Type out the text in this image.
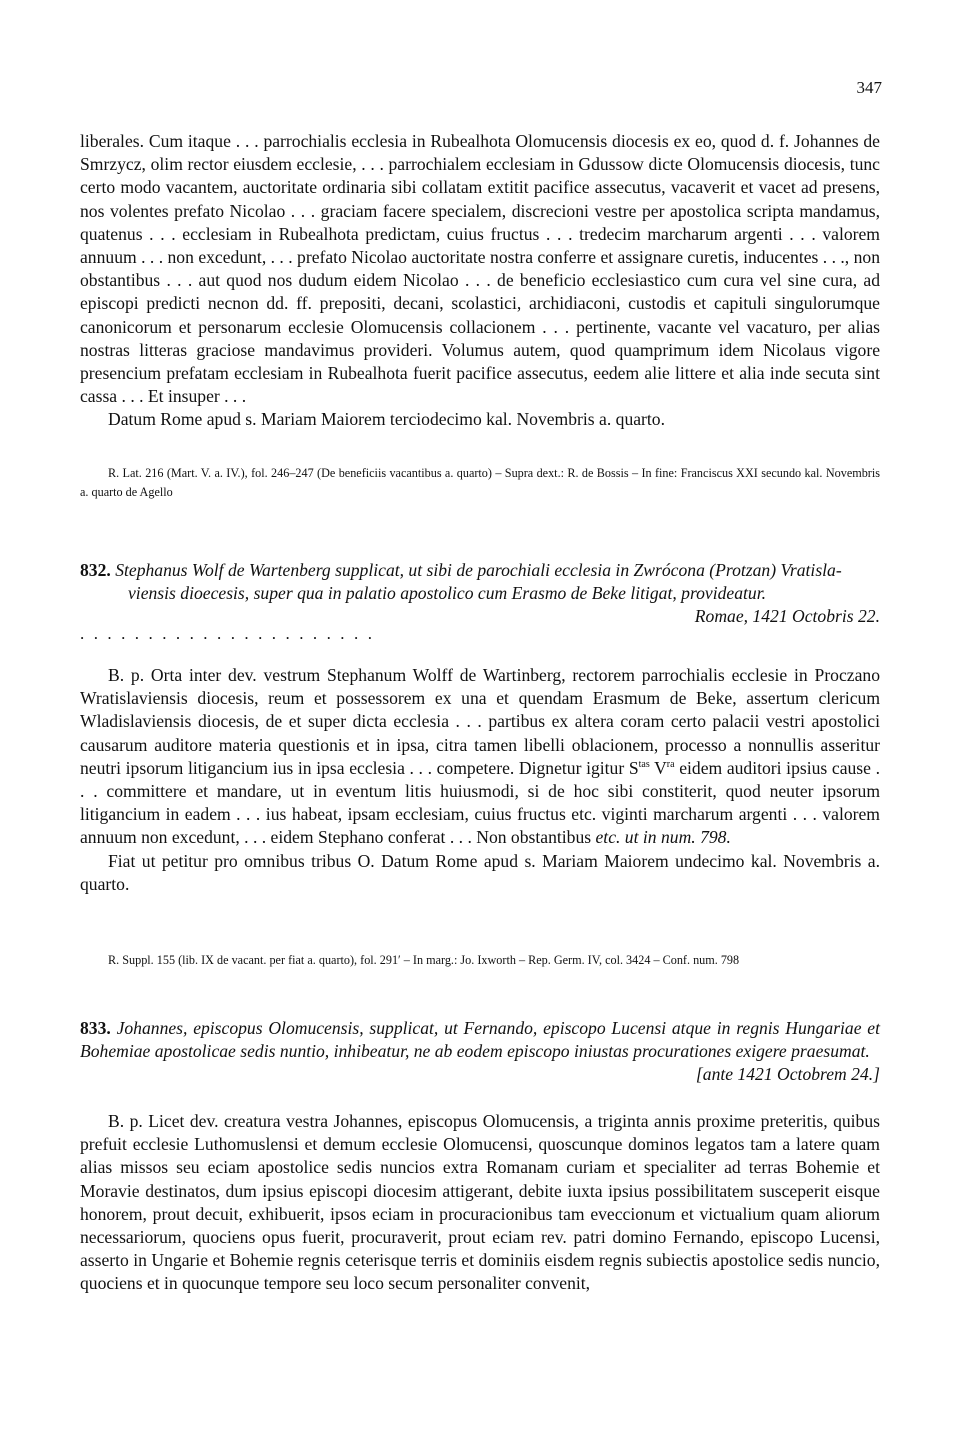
347

liberales. Cum itaque . . . parrochialis ecclesia in Rubealhota Olomucensis diocesis ex eo, quod d. f. Johannes de Smrzycz, olim rector eiusdem ecclesie, . . . parrochialem ecclesiam in Gdussow dicte Olomucensis diocesis, tunc certo modo vacantem, auctoritate ordinaria sibi collatam extitit pacifice assecutus, vacaverit et vacet ad presens, nos volentes prefato Nicolao . . . graciam facere specialem, discrecioni vestre per apostolica scripta mandamus, quatenus . . . ecclesiam in Rubealhota predictam, cuius fructus . . . tredecim marcharum argenti . . . valorem annuum . . . non excedunt, . . . prefato Nicolao auctoritate nostra conferre et assignare curetis, inducentes . . ., non obstantibus . . . aut quod nos dudum eidem Nicolao . . . de beneficio ecclesiastico cum cura vel sine cura, ad episcopi predicti necnon dd. ff. prepositi, decani, scolastici, archidiaconi, custodis et capituli singulorumque canonicorum et personarum ecclesie Olomucensis collacionem . . . pertinente, vacante vel vacaturo, per alias nostras litteras graciose mandavimus provideri. Volumus autem, quod quamprimum idem Nicolaus vigore presencium prefatam ecclesiam in Rubealhota fuerit pacifice assecutus, eedem alie littere et alia inde secuta sint cassa . . . Et insuper . . .

Datum Rome apud s. Mariam Maiorem terciodecimo kal. Novembris a. quarto.

R. Lat. 216 (Mart. V. a. IV.), fol. 246–247 (De beneficiis vacantibus a. quarto) – Supra dext.: R. de Bossis – In fine: Franciscus XXI secundo kal. Novembris a. quarto de Agello

832. Stephanus Wolf de Wartenberg supplicat, ut sibi de parochiali ecclesia in Zwrócona (Protzan) Vratisla-
viensis dioecesis, super qua in palatio apostolico cum Erasmo de Beke litigat, provideatur.
Romae, 1421 Octobris 22.
. . . . . . . . . . . . . . . . . . . . . .

B. p. Orta inter dev. vestrum Stephanum Wolff de Wartinberg, rectorem parrochialis ecclesie in Proczano Wratislaviensis diocesis, reum et possessorem ex una et quendam Erasmum de Beke, assertum clericum Wladislaviensis diocesis, de et super dicta ecclesia . . . partibus ex altera coram certo palacii vestri apostolici causarum auditore materia questionis et in ipsa, citra tamen libelli oblacionem, processo a nonnullis asseritur neutri ipsorum litigancium ius in ipsa ecclesia . . . competere. Dignetur igitur $S^{tas}$ $V^{ra}$ eidem auditori ipsius cause . . . committere et mandare, ut in eventum litis huiusmodi, si de hoc sibi constiterit, quod neuter ipsorum litigancium in eadem . . . ius habeat, ipsam ecclesiam, cuius fructus etc. viginti marcharum argenti . . . valorem annuum non excedunt, . . . eidem Stephano conferat . . . Non obstantibus etc. ut in num. 798.

Fiat ut petitur pro omnibus tribus O. Datum Rome apud s. Mariam Maiorem undecimo kal. Novembris a. quarto.

R. Suppl. 155 (lib. IX de vacant. per fiat a. quarto), fol. 291′ – In marg.: Jo. Ixworth – Rep. Germ. IV, col. 3424 – Conf. num. 798

833. Johannes, episcopus Olomucensis, supplicat, ut Fernando, episcopo Lucensi atque in regnis Hungariae et Bohemiae apostolicae sedis nuntio, inhibeatur, ne ab eodem episcopo iniustas procurationes exigere praesumat.
[ante 1421 Octobrem 24.]

B. p. Licet dev. creatura vestra Johannes, episcopus Olomucensis, a triginta annis proxime preteritis, quibus prefuit ecclesie Luthomuslensi et demum ecclesie Olomucensi, quoscunque dominos legatos tam a latere quam alias missos seu eciam apostolice sedis nuncios extra Romanam curiam et specialiter ad terras Bohemie et Moravie destinatos, dum ipsius episcopi diocesim attigerant, debite iuxta ipsius possibilitatem susceperit eisque honorem, prout decuit, exhibuerit, ipsos eciam in procuracionibus tam eveccionum et victualium quam aliorum necessariorum, quociens opus fuerit, procuraverit, prout eciam rev. patri domino Fernando, episcopo Lucensi, asserto in Ungarie et Bohemie regnis ceterisque terris et dominiis eisdem regnis subiectis apostolice sedis nuncio, quociens et in quocunque tempore seu loco secum personaliter convenit,
